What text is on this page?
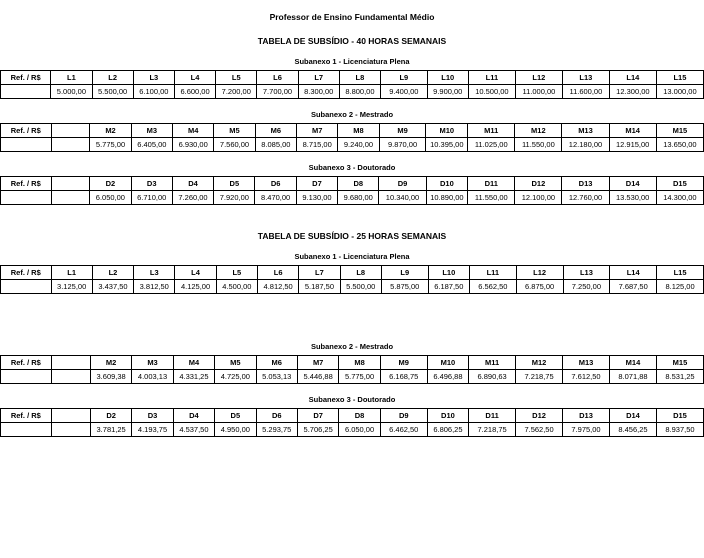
Professor de Ensino Fundamental Médio
TABELA DE SUBSÍDIO - 40 HORAS SEMANAIS
Subanexo 1 - Licenciatura Plena
Ref. / R$	L1	L2	L3	L4	L5	L6	L7	L8	L9	L10	L11	L12	L13	L14	L15
	5.000,00	5.500,00	6.100,00	6.600,00	7.200,00	7.700,00	8.300,00	8.800,00	9.400,00	9.900,00	10.500,00	11.000,00	11.600,00	12.300,00	13.000,00
Subanexo 2 - Mestrado
Ref. / R$		M2	M3	M4	M5	M6	M7	M8	M9	M10	M11	M12	M13	M14	M15
		5.775,00	6.405,00	6.930,00	7.560,00	8.085,00	8.715,00	9.240,00	9.870,00	10.395,00	11.025,00	11.550,00	12.180,00	12.915,00	13.650,00
Subanexo 3 - Doutorado
Ref. / R$		D2	D3	D4	D5	D6	D7	D8	D9	D10	D11	D12	D13	D14	D15
		6.050,00	6.710,00	7.260,00	7.920,00	8.470,00	9.130,00	9.680,00	10.340,00	10.890,00	11.550,00	12.100,00	12.760,00	13.530,00	14.300,00
TABELA DE SUBSÍDIO - 25 HORAS SEMANAIS
Subanexo 1 - Licenciatura Plena
Ref. / R$	L1	L2	L3	L4	L5	L6	L7	L8	L9	L10	L11	L12	L13	L14	L15
	3.125,00	3.437,50	3.812,50	4.125,00	4.500,00	4.812,50	5.187,50	5.500,00	5.875,00	6.187,50	6.562,50	6.875,00	7.250,00	7.687,50	8.125,00
Subanexo 2 - Mestrado
Ref. / R$		M2	M3	M4	M5	M6	M7	M8	M9	M10	M11	M12	M13	M14	M15
		3.609,38	4.003,13	4.331,25	4.725,00	5.053,13	5.446,88	5.775,00	6.168,75	6.496,88	6.890,63	7.218,75	7.612,50	8.071,88	8.531,25
Subanexo 3 - Doutorado
Ref. / R$		D2	D3	D4	D5	D6	D7	D8	D9	D10	D11	D12	D13	D14	D15
		3.781,25	4.193,75	4.537,50	4.950,00	5.293,75	5.706,25	6.050,00	6.462,50	6.806,25	7.218,75	7.562,50	7.975,00	8.456,25	8.937,50
